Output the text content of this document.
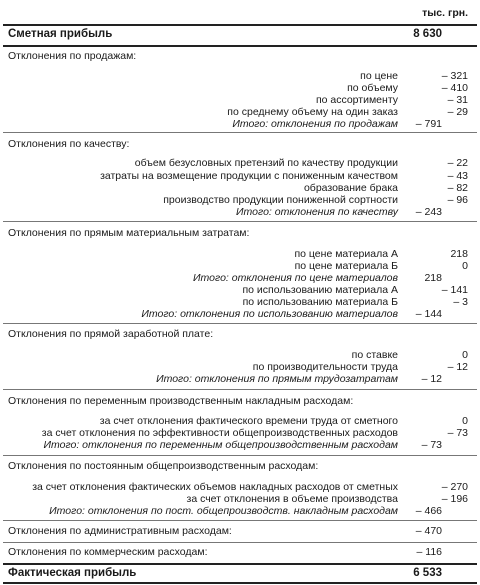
тыс. грн.
Сметная прибыль	8 630
Отклонения по продажам:
по цене	– 321
по объему	– 410
по ассортименту	– 31
по среднему объему на один заказ	– 29
Итого: отклонения по продажам – 791
Отклонения по качеству:
объем безусловных претензий по качеству продукции	– 22
затраты на возмещение продукции с пониженным качеством	– 43
образование брака	– 82
производство продукции пониженной сортности	– 96
Итого: отклонения по качеству – 243
Отклонения по прямым материальным затратам:
по цене материала А	218
по цене материала Б	0
Итого: отклонения по цене материалов	218
по использованию материала А	– 141
по использованию материала Б	– 3
Итого: отклонения по использованию материалов – 144
Отклонения по прямой заработной плате:
по ставке	0
по производительности труда	– 12
Итого: отклонения по прямым трудозатратам – 12
Отклонения по переменным производственным накладным расходам:
за счет отклонения фактического времени труда от сметного	0
за счет отклонения по эффективности общепроизводственных расходов	– 73
Итого: отклонения по переменным общепроизводственным расходам – 73
Отклонения по постоянным общепроизводственным расходам:
за счет отклонения фактических объемов накладных расходов от сметных	– 270
за счет отклонения в объеме производства	– 196
Итого: отклонения по пост. общепроизводств. накладным расходам – 466
Отклонения по административным расходам:	– 470
Отклонения по коммерческим расходам:	– 116
Фактическая прибыль	6 533
